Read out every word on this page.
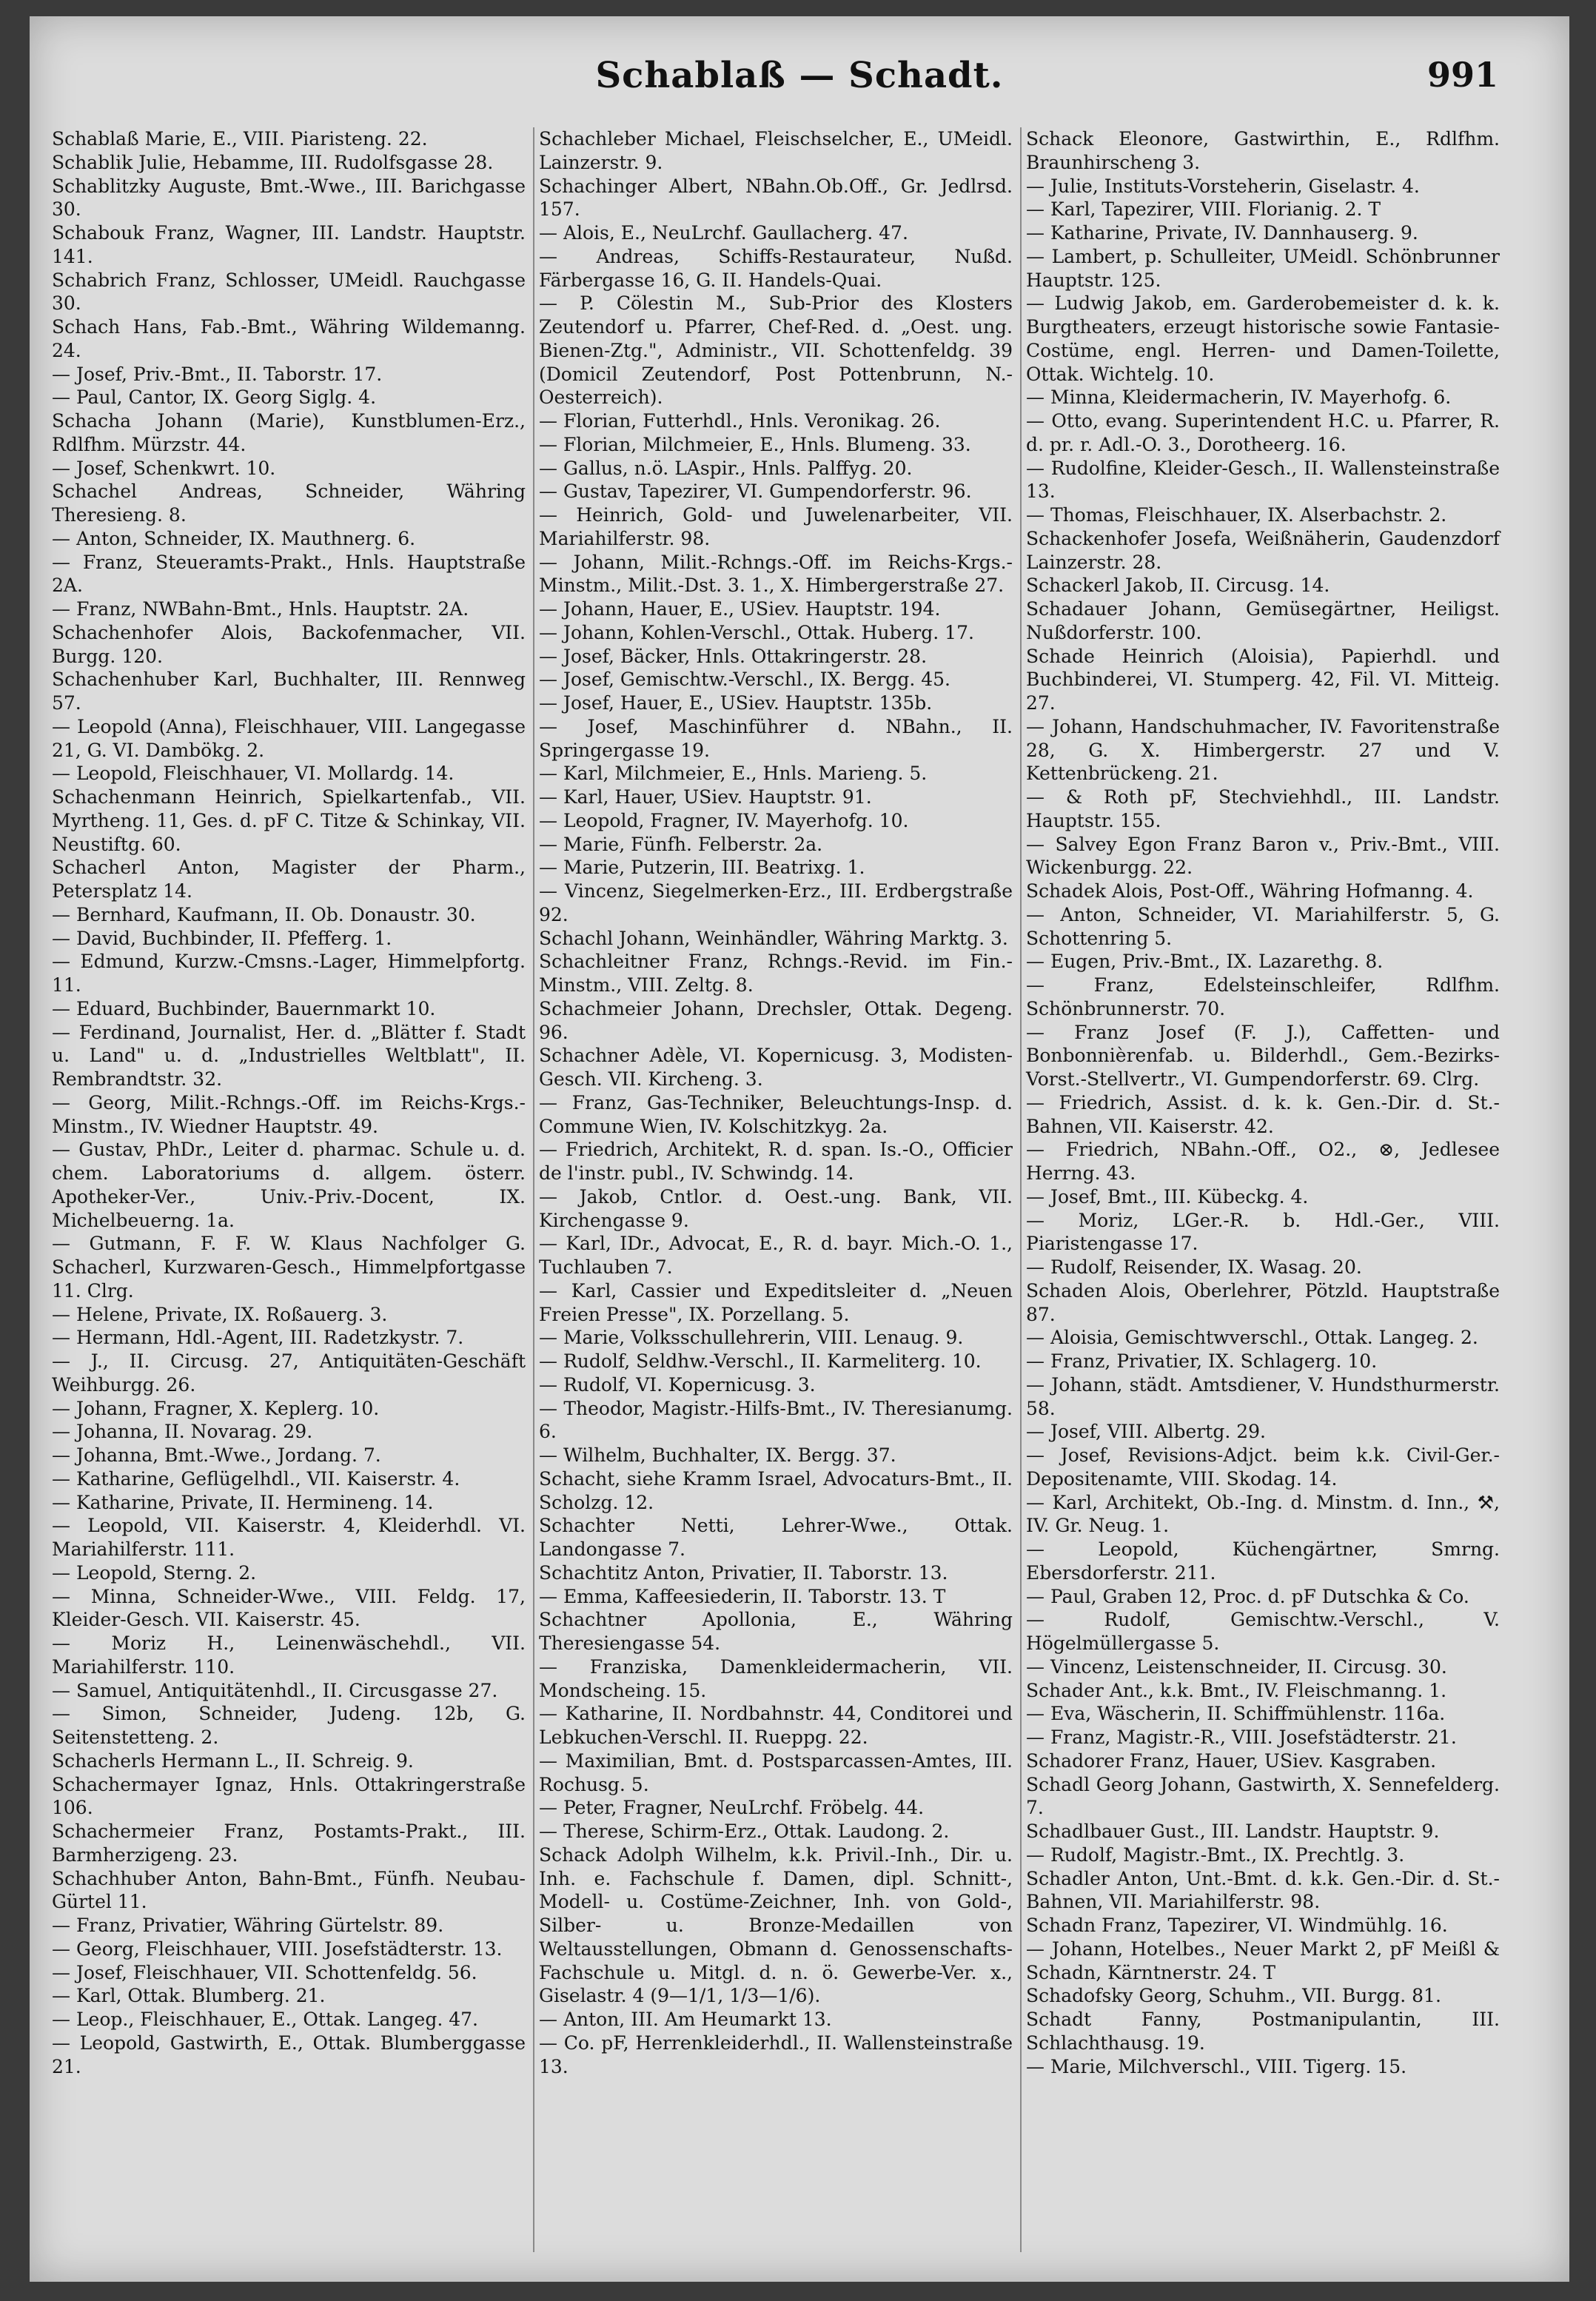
Schablaß — Schadt.	991

Schablaß Marie, E., VIII. Piaristeng. 22.

Schablik Julie, Hebamme, III. Rudolfsgasse 28.

Schablitzky Auguste, Bmt.-Wwe., III. Barichgasse 30.

Schabouk Franz, Wagner, III. Landstr. Hauptstr. 141.

Schabrich Franz, Schlosser, UMeidl. Rauchgasse 30.

Schach Hans, Fab.-Bmt., Währing Wildemanng. 24.

— Josef, Priv.-Bmt., II. Taborstr. 17.

— Paul, Cantor, IX. Georg Siglg. 4.

Schacha Johann (Marie), Kunstblumen-Erz., Rdlfhm. Mürzstr. 44.

— Josef, Schenkwrt. 10.

Schachel Andreas, Schneider, Währing Theresieng. 8.

— Anton, Schneider, IX. Mauthnerg. 6.

— Franz, Steueramts-Prakt., Hnls. Hauptstraße 2A.

— Franz, NWBahn-Bmt., Hnls. Hauptstr. 2A.

Schachenhofer Alois, Backofenmacher, VII. Burgg. 120.

Schachenhuber Karl, Buchhalter, III. Rennweg 57.

— Leopold (Anna), Fleischhauer, VIII. Langegasse 21, G. VI. Dambökg. 2.

— Leopold, Fleischhauer, VI. Mollardg. 14.

Schachenmann Heinrich, Spielkartenfab., VII. Myrtheng. 11, Ges. d. pF C. Titze & Schinkay, VII. Neustiftg. 60.

Schacherl Anton, Magister der Pharm., Petersplatz 14.

— Bernhard, Kaufmann, II. Ob. Donaustr. 30.

— David, Buchbinder, II. Pfefferg. 1.

— Edmund, Kurzw.-Cmsns.-Lager, Himmelpfortg. 11.

— Eduard, Buchbinder, Bauernmarkt 10.

— Ferdinand, Journalist, Her. d. „Blätter f. Stadt u. Land" u. d. „Industrielles Weltblatt", II. Rembrandtstr. 32.

— Georg, Milit.-Rchngs.-Off. im Reichs-Krgs.-Minstm., IV. Wiedner Hauptstr. 49.

— Gustav, PhDr., Leiter d. pharmac. Schule u. d. chem. Laboratoriums d. allgem. österr. Apotheker-Ver., Univ.-Priv.-Docent, IX. Michelbeuerng. 1a.

— Gutmann, F. F. W. Klaus Nachfolger G. Schacherl, Kurzwaren-Gesch., Himmelpfortgasse 11. Clrg.

— Helene, Private, IX. Roßauerg. 3.

— Hermann, Hdl.-Agent, III. Radetzkystr. 7.

— J., II. Circusg. 27, Antiquitäten-Geschäft Weihburgg. 26.

— Johann, Fragner, X. Keplerg. 10.

— Johanna, II. Novarag. 29.

— Johanna, Bmt.-Wwe., Jordang. 7.

— Katharine, Geflügelhdl., VII. Kaiserstr. 4.

— Katharine, Private, II. Hermineng. 14.

— Leopold, VII. Kaiserstr. 4, Kleiderhdl. VI. Mariahilferstr. 111.

— Leopold, Sterng. 2.

— Minna, Schneider-Wwe., VIII. Feldg. 17, Kleider-Gesch. VII. Kaiserstr. 45.

— Moriz H., Leinenwäschehdl., VII. Mariahilferstr. 110.

— Samuel, Antiquitätenhdl., II. Circusgasse 27.

— Simon, Schneider, Judeng. 12b, G. Seitenstetteng. 2.

Schacherls Hermann L., II. Schreig. 9.

Schachermayer Ignaz, Hnls. Ottakringerstraße 106.

Schachermeier Franz, Postamts-Prakt., III. Barmherzigeng. 23.

Schachhuber Anton, Bahn-Bmt., Fünfh. Neubau-Gürtel 11.

— Franz, Privatier, Währing Gürtelstr. 89.

— Georg, Fleischhauer, VIII. Josefstädterstr. 13.

— Josef, Fleischhauer, VII. Schottenfeldg. 56.

— Karl, Ottak. Blumberg. 21.

— Leop., Fleischhauer, E., Ottak. Langeg. 47.

— Leopold, Gastwirth, E., Ottak. Blumberggasse 21.

Schachleber Michael, Fleischselcher, E., UMeidl. Lainzerstr. 9.

Schachinger Albert, NBahn.Ob.Off., Gr. Jedlrsd. 157.

— Alois, E., NeuLrchf. Gaullacherg. 47.

— Andreas, Schiffs-Restaurateur, Nußd. Färbergasse 16, G. II. Handels-Quai.

— P. Cölestin M., Sub-Prior des Klosters Zeutendorf u. Pfarrer, Chef-Red. d. „Oest. ung. Bienen-Ztg.", Administr., VII. Schottenfeldg. 39 (Domicil Zeutendorf, Post Pottenbrunn, N.-Oesterreich).

— Florian, Futterhdl., Hnls. Veronikag. 26.

— Florian, Milchmeier, E., Hnls. Blumeng. 33.

— Gallus, n.ö. LAspir., Hnls. Palffyg. 20.

— Gustav, Tapezirer, VI. Gumpendorferstr. 96.

— Heinrich, Gold- und Juwelenarbeiter, VII. Mariahilferstr. 98.

— Johann, Milit.-Rchngs.-Off. im Reichs-Krgs.-Minstm., Milit.-Dst. 3. 1., X. Himbergerstraße 27.

— Johann, Hauer, E., USiev. Hauptstr. 194.

— Johann, Kohlen-Verschl., Ottak. Huberg. 17.

— Josef, Bäcker, Hnls. Ottakringerstr. 28.

— Josef, Gemischtw.-Verschl., IX. Bergg. 45.

— Josef, Hauer, E., USiev. Hauptstr. 135b.

— Josef, Maschinführer d. NBahn., II. Springergasse 19.

— Karl, Milchmeier, E., Hnls. Marieng. 5.

— Karl, Hauer, USiev. Hauptstr. 91.

— Leopold, Fragner, IV. Mayerhofg. 10.

— Marie, Fünfh. Felberstr. 2a.

— Marie, Putzerin, III. Beatrixg. 1.

— Vincenz, Siegelmerken-Erz., III. Erdbergstraße 92.

Schachl Johann, Weinhändler, Währing Marktg. 3.

Schachleitner Franz, Rchngs.-Revid. im Fin.-Minstm., VIII. Zeltg. 8.

Schachmeier Johann, Drechsler, Ottak. Degeng. 96.

Schachner Adèle, VI. Kopernicusg. 3, Modisten-Gesch. VII. Kircheng. 3.

— Franz, Gas-Techniker, Beleuchtungs-Insp. d. Commune Wien, IV. Kolschitzkyg. 2a.

— Friedrich, Architekt, R. d. span. Is.-O., Officier de l'instr. publ., IV. Schwindg. 14.

— Jakob, Cntlor. d. Oest.-ung. Bank, VII. Kirchengasse 9.

— Karl, IDr., Advocat, E., R. d. bayr. Mich.-O. 1., Tuchlauben 7.

— Karl, Cassier und Expeditsleiter d. „Neuen Freien Presse", IX. Porzellang. 5.

— Marie, Volksschullehrerin, VIII. Lenaug. 9.

— Rudolf, Seldhw.-Verschl., II. Karmeliterg. 10.

— Rudolf, VI. Kopernicusg. 3.

— Theodor, Magistr.-Hilfs-Bmt., IV. Theresianumg. 6.

— Wilhelm, Buchhalter, IX. Bergg. 37.

Schacht, siehe Kramm Israel, Advocaturs-Bmt., II. Scholzg. 12.

Schachter Netti, Lehrer-Wwe., Ottak. Landongasse 7.

Schachtitz Anton, Privatier, II. Taborstr. 13.

— Emma, Kaffeesiederin, II. Taborstr. 13. T

Schachtner Apollonia, E., Währing Theresiengasse 54.

— Franziska, Damenkleidermacherin, VII. Mondscheing. 15.

— Katharine, II. Nordbahnstr. 44, Conditorei und Lebkuchen-Verschl. II. Rueppg. 22.

— Maximilian, Bmt. d. Postsparcassen-Amtes, III. Rochusg. 5.

— Peter, Fragner, NeuLrchf. Fröbelg. 44.

— Therese, Schirm-Erz., Ottak. Laudong. 2.

Schack Adolph Wilhelm, k.k. Privil.-Inh., Dir. u. Inh. e. Fachschule f. Damen, dipl. Schnitt-, Modell- u. Costüme-Zeichner, Inh. von Gold-, Silber- u. Bronze-Medaillen von Weltausstellungen, Obmann d. Genossenschafts-Fachschule u. Mitgl. d. n. ö. Gewerbe-Ver. x., Giselastr. 4 (9—1/1, 1/3—1/6).

— Anton, III. Am Heumarkt 13.

— Co. pF, Herrenkleiderhdl., II. Wallensteinstraße 13.

Schack Eleonore, Gastwirthin, E., Rdlfhm. Braunhirscheng 3.

— Julie, Instituts-Vorsteherin, Giselastr. 4.

— Karl, Tapezirer, VIII. Florianig. 2. T

— Katharine, Private, IV. Dannhauserg. 9.

— Lambert, p. Schulleiter, UMeidl. Schönbrunner Hauptstr. 125.

— Ludwig Jakob, em. Garderobemeister d. k. k. Burgtheaters, erzeugt historische sowie Fantasie-Costüme, engl. Herren- und Damen-Toilette, Ottak. Wichtelg. 10.

— Minna, Kleidermacherin, IV. Mayerhofg. 6.

— Otto, evang. Superintendent H.C. u. Pfarrer, R. d. pr. r. Adl.-O. 3., Dorotheerg. 16.

— Rudolfine, Kleider-Gesch., II. Wallensteinstraße 13.

— Thomas, Fleischhauer, IX. Alserbachstr. 2.

Schackenhofer Josefa, Weißnäherin, Gaudenzdorf Lainzerstr. 28.

Schackerl Jakob, II. Circusg. 14.

Schadauer Johann, Gemüsegärtner, Heiligst. Nußdorferstr. 100.

Schade Heinrich (Aloisia), Papierhdl. und Buchbinderei, VI. Stumperg. 42, Fil. VI. Mitteig. 27.

— Johann, Handschuhmacher, IV. Favoritenstraße 28, G. X. Himbergerstr. 27 und V. Kettenbrückeng. 21.

— & Roth pF, Stechviehhdl., III. Landstr. Hauptstr. 155.

— Salvey Egon Franz Baron v., Priv.-Bmt., VIII. Wickenburgg. 22.

Schadek Alois, Post-Off., Währing Hofmanng. 4.

— Anton, Schneider, VI. Mariahilferstr. 5, G. Schottenring 5.

— Eugen, Priv.-Bmt., IX. Lazarethg. 8.

— Franz, Edelsteinschleifer, Rdlfhm. Schönbrunnerstr. 70.

— Franz Josef (F. J.), Caffetten- und Bonbonnièrenfab. u. Bilderhdl., Gem.-Bezirks-Vorst.-Stellvertr., VI. Gumpendorferstr. 69. Clrg.

— Friedrich, Assist. d. k. k. Gen.-Dir. d. St.-Bahnen, VII. Kaiserstr. 42.

— Friedrich, NBahn.-Off., O2., ⊗, Jedlesee Herrng. 43.

— Josef, Bmt., III. Kübeckg. 4.

— Moriz, LGer.-R. b. Hdl.-Ger., VIII. Piaristengasse 17.

— Rudolf, Reisender, IX. Wasag. 20.

Schaden Alois, Oberlehrer, Pötzld. Hauptstraße 87.

— Aloisia, Gemischtwverschl., Ottak. Langeg. 2.

— Franz, Privatier, IX. Schlagerg. 10.

— Johann, städt. Amtsdiener, V. Hundsthurmerstr. 58.

— Josef, VIII. Albertg. 29.

— Josef, Revisions-Adjct. beim k.k. Civil-Ger.-Depositenamte, VIII. Skodag. 14.

— Karl, Architekt, Ob.-Ing. d. Minstm. d. Inn., ⚒, IV. Gr. Neug. 1.

— Leopold, Küchengärtner, Smrng. Ebersdorferstr. 211.

— Paul, Graben 12, Proc. d. pF Dutschka & Co.

— Rudolf, Gemischtw.-Verschl., V. Högelmüllergasse 5.

— Vincenz, Leistenschneider, II. Circusg. 30.

Schader Ant., k.k. Bmt., IV. Fleischmanng. 1.

— Eva, Wäscherin, II. Schiffmühlenstr. 116a.

— Franz, Magistr.-R., VIII. Josefstädterstr. 21.

Schadorer Franz, Hauer, USiev. Kasgraben.

Schadl Georg Johann, Gastwirth, X. Sennefelderg. 7.

Schadlbauer Gust., III. Landstr. Hauptstr. 9.

— Rudolf, Magistr.-Bmt., IX. Prechtlg. 3.

Schadler Anton, Unt.-Bmt. d. k.k. Gen.-Dir. d. St.-Bahnen, VII. Mariahilferstr. 98.

Schadn Franz, Tapezirer, VI. Windmühlg. 16.

— Johann, Hotelbes., Neuer Markt 2, pF Meißl & Schadn, Kärntnerstr. 24. T

Schadofsky Georg, Schuhm., VII. Burgg. 81.

Schadt Fanny, Postmanipulantin, III. Schlachthausg. 19.

— Marie, Milchverschl., VIII. Tigerg. 15.
